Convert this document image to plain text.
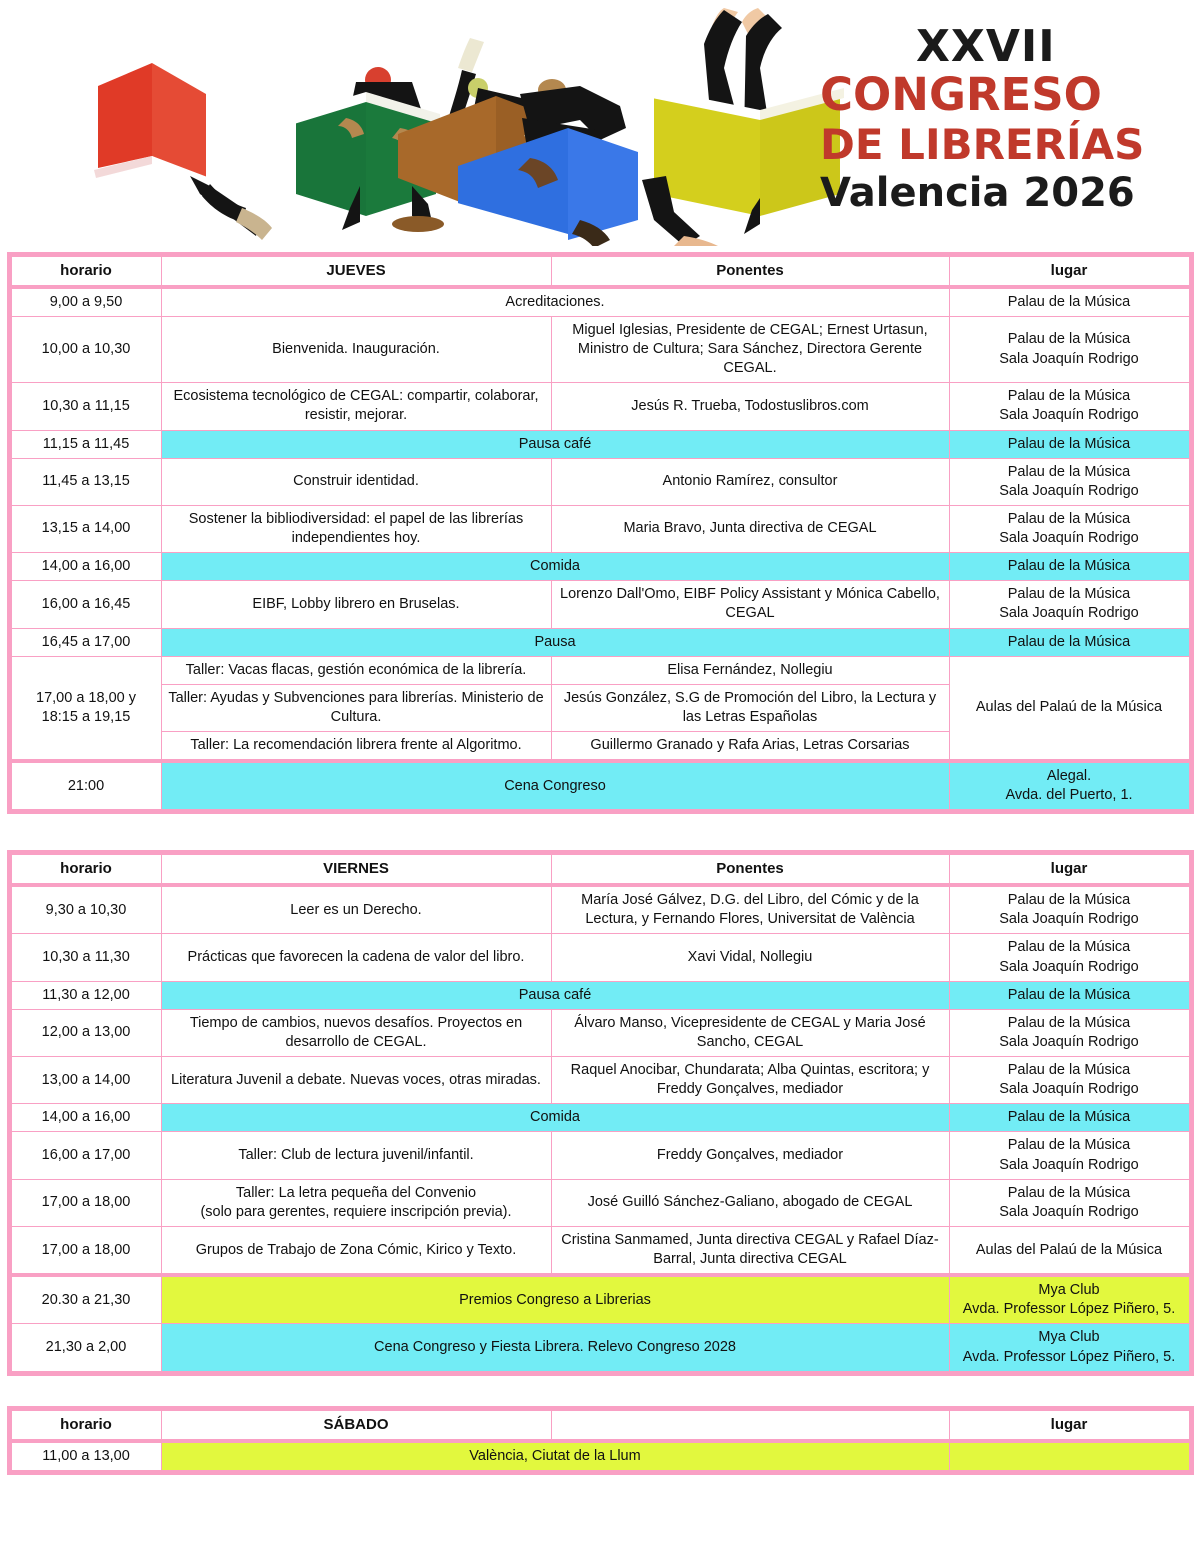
XXVII
CONGRESO
DE LIBRERÍAS
Valencia 2026
horario	JUEVES	Ponentes	lugar
9,00 a 9,50	Acreditaciones.		Palau de la Música
10,00 a 10,30	Bienvenida. Inauguración.	Miguel Iglesias, Presidente de CEGAL; Ernest Urtasun, Ministro de Cultura; Sara Sánchez, Directora Gerente CEGAL.	Palau de la Música
Sala Joaquín Rodrigo
10,30 a 11,15	Ecosistema tecnológico de CEGAL: compartir, colaborar, resistir, mejorar.	Jesús R. Trueba, Todostuslibros.com	Palau de la Música
Sala Joaquín Rodrigo
11,15 a 11,45	Pausa café		Palau de la Música
11,45 a 13,15	Construir identidad.	Antonio Ramírez, consultor	Palau de la Música
Sala Joaquín Rodrigo
13,15 a 14,00	Sostener la bibliodiversidad: el papel de las librerías independientes hoy.	Maria Bravo, Junta directiva de CEGAL	Palau de la Música
Sala Joaquín Rodrigo
14,00 a 16,00	Comida		Palau de la Música
16,00 a 16,45	EIBF, Lobby librero en Bruselas.	Lorenzo Dall'Omo, EIBF Policy Assistant y Mónica Cabello, CEGAL	Palau de la Música
Sala Joaquín Rodrigo
16,45 a 17,00	Pausa		Palau de la Música
17,00 a 18,00 y
18:15 a 19,15	Taller: Vacas flacas, gestión económica de la librería.	Elisa Fernández, Nollegiu	Aulas del Palaú de la Música
	Taller: Ayudas y Subvenciones para librerías. Ministerio de Cultura.	Jesús González, S.G de Promoción del Libro, la Lectura y las Letras Españolas	
	Taller: La recomendación librera frente al Algoritmo.	Guillermo Granado y Rafa Arias, Letras Corsarias	
21:00	Cena Congreso		Alegal.
Avda. del Puerto, 1.
horario	VIERNES	Ponentes	lugar
9,30 a 10,30	Leer es un Derecho.	María José Gálvez, D.G. del Libro, del Cómic y de la Lectura, y Fernando Flores, Universitat de València	Palau de la Música
Sala Joaquín Rodrigo
10,30 a 11,30	Prácticas que favorecen la cadena de valor del libro.	Xavi Vidal, Nollegiu	Palau de la Música
Sala Joaquín Rodrigo
11,30 a 12,00	Pausa café		Palau de la Música
12,00 a 13,00	Tiempo de cambios, nuevos desafíos. Proyectos en desarrollo de CEGAL.	Álvaro Manso, Vicepresidente de CEGAL y Maria José Sancho, CEGAL	Palau de la Música
Sala Joaquín Rodrigo
13,00 a 14,00	Literatura Juvenil a debate. Nuevas voces, otras miradas.	Raquel Anocibar, Chundarata; Alba Quintas, escritora; y Freddy Gonçalves, mediador	Palau de la Música
Sala Joaquín Rodrigo
14,00 a 16,00	Comida		Palau de la Música
16,00 a 17,00	Taller: Club de lectura juvenil/infantil.	Freddy Gonçalves, mediador	Palau de la Música
Sala Joaquín Rodrigo
17,00 a 18,00	Taller: La letra pequeña del Convenio
(solo para gerentes, requiere inscripción previa).	José Guilló Sánchez-Galiano, abogado de CEGAL	Palau de la Música
Sala Joaquín Rodrigo
17,00 a 18,00	Grupos de Trabajo de Zona Cómic, Kirico y Texto.	Cristina Sanmamed, Junta directiva CEGAL y Rafael Díaz-Barral, Junta directiva CEGAL	Aulas del Palaú de la Música
20.30 a 21,30	Premios Congreso a Librerias		Mya Club
Avda. Professor López Piñero, 5.
21,30 a 2,00	Cena Congreso y Fiesta Librera. Relevo Congreso 2028		Mya Club
Avda. Professor López Piñero, 5.
horario	SÁBADO		lugar
11,00 a 13,00	València, Ciutat de la Llum		
